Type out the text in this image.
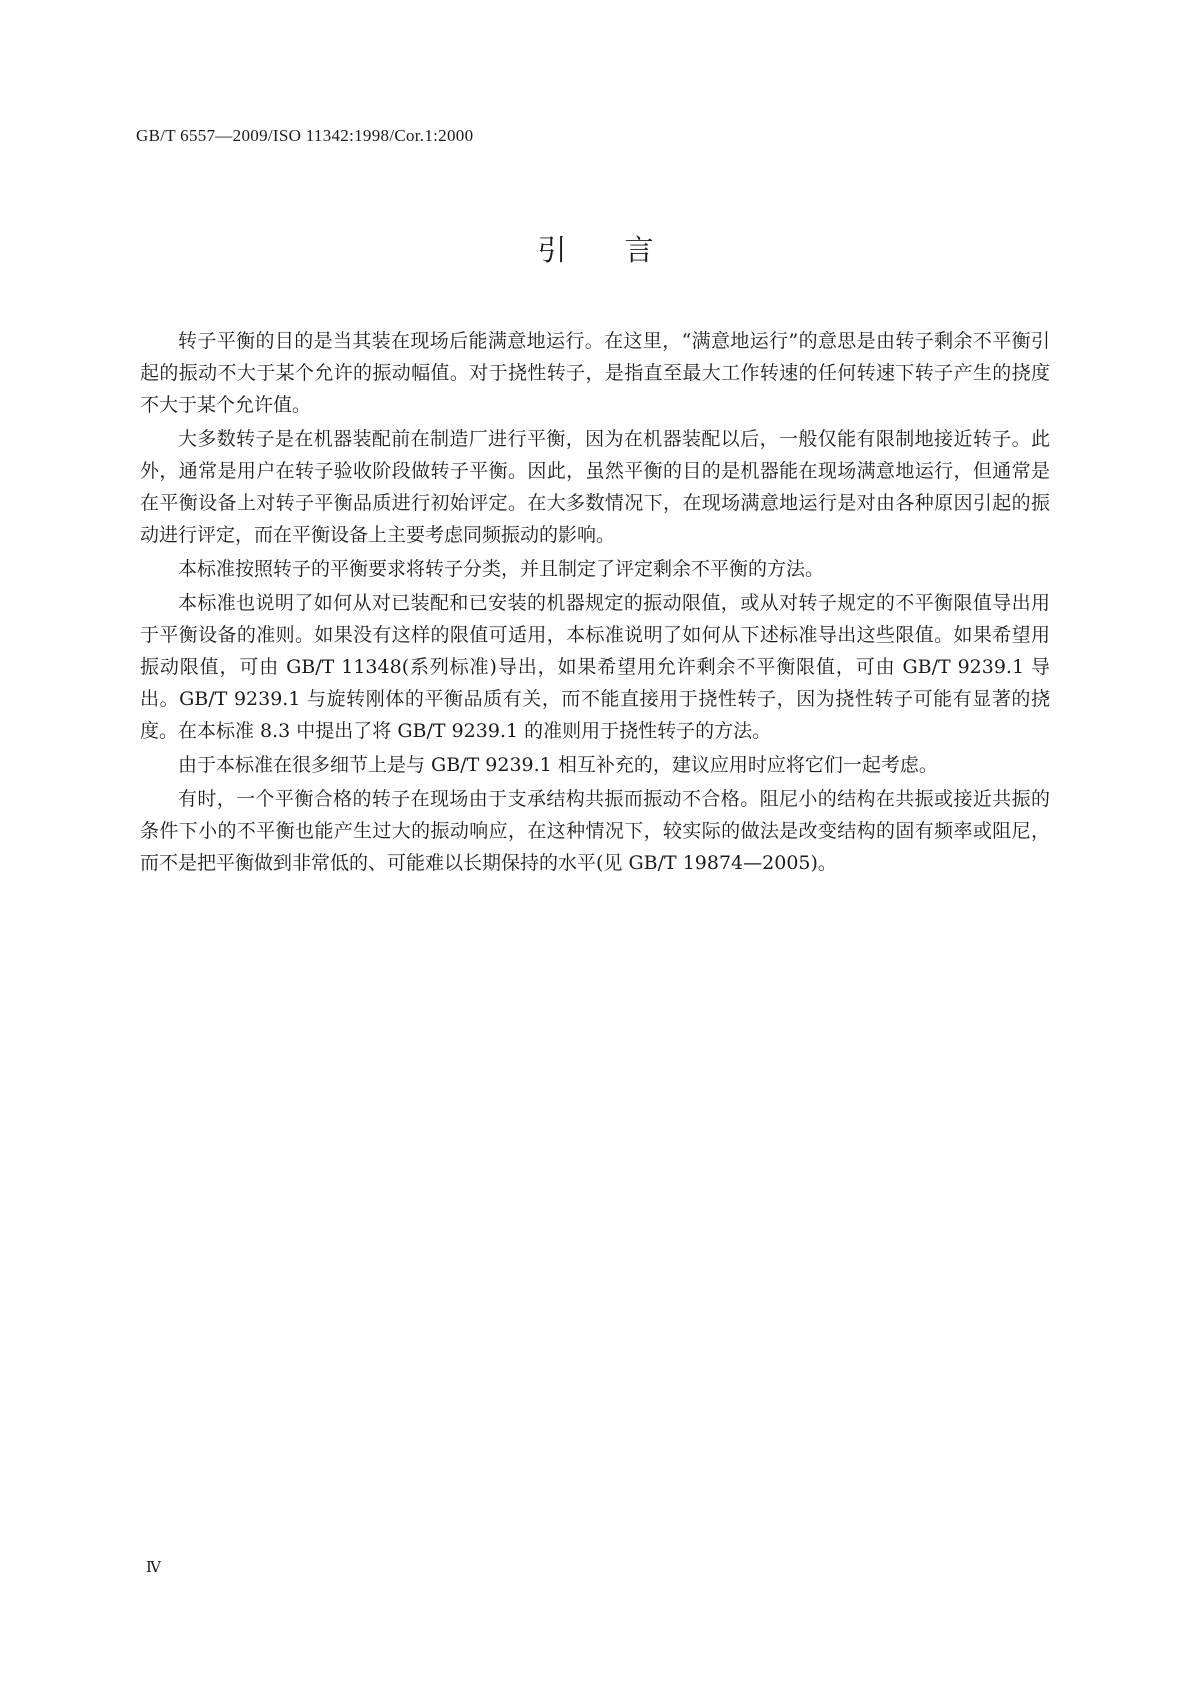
GB/T 6557—2009/ISO 11342:1998/Cor.1:2000
引言

转子平衡的目的是当其装在现场后能满意地运行。在这里，“满意地运行”的意思是由转子剩余不平衡引起的振动不大于某个允许的振动幅值。对于挠性转子，是指直至最大工作转速的任何转速下转子产生的挠度不大于某个允许值。

大多数转子是在机器装配前在制造厂进行平衡，因为在机器装配以后，一般仅能有限制地接近转子。此外，通常是用户在转子验收阶段做转子平衡。因此，虽然平衡的目的是机器能在现场满意地运行，但通常是在平衡设备上对转子平衡品质进行初始评定。在大多数情况下，在现场满意地运行是对由各种原因引起的振动进行评定，而在平衡设备上主要考虑同频振动的影响。

本标准按照转子的平衡要求将转子分类，并且制定了评定剩余不平衡的方法。

本标准也说明了如何从对已装配和已安装的机器规定的振动限值，或从对转子规定的不平衡限值导出用于平衡设备的准则。如果没有这样的限值可适用，本标准说明了如何从下述标准导出这些限值。如果希望用振动限值，可由 GB/T 11348(系列标准)导出，如果希望用允许剩余不平衡限值，可由 GB/T 9239.1 导出。GB/T 9239.1 与旋转刚体的平衡品质有关，而不能直接用于挠性转子，因为挠性转子可能有显著的挠度。在本标准 8.3 中提出了将 GB/T 9239.1 的准则用于挠性转子的方法。

由于本标准在很多细节上是与 GB/T 9239.1 相互补充的，建议应用时应将它们一起考虑。

有时，一个平衡合格的转子在现场由于支承结构共振而振动不合格。阻尼小的结构在共振或接近共振的条件下小的不平衡也能产生过大的振动响应，在这种情况下，较实际的做法是改变结构的固有频率或阻尼，而不是把平衡做到非常低的、可能难以长期保持的水平(见 GB/T 19874—2005)。

Ⅳ
